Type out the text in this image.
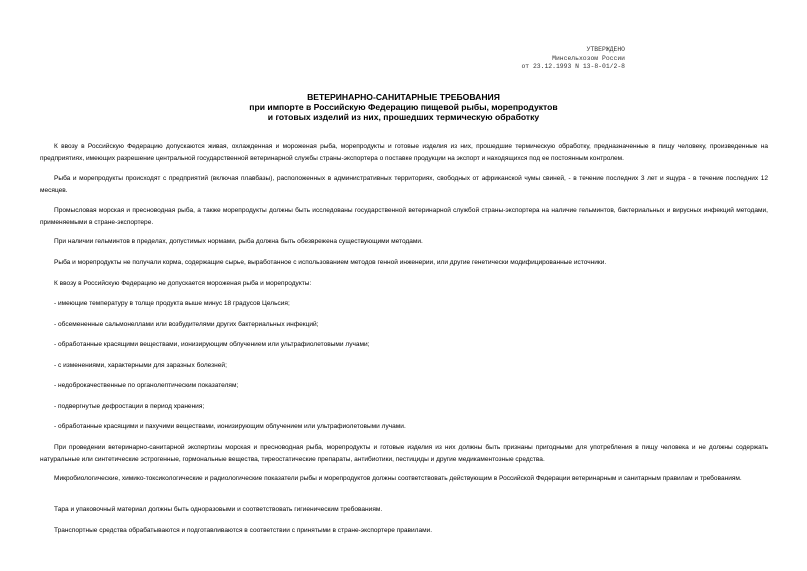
УТВЕРЖДЕНО
Минсельхозом России
от 23.12.1993 N 13-8-01/2-8
ВЕТЕРИНАРНО-САНИТАРНЫЕ ТРЕБОВАНИЯ
при импорте в Российскую Федерацию пищевой рыбы, морепродуктов
и готовых изделий из них, прошедших термическую обработку

К ввозу в Российскую Федерацию допускаются живая, охлажденная и мороженая рыба, морепродукты и готовые изделия из них, прошедшие термическую обработку, предназначенные в пищу человеку, произведенные на предприятиях, имеющих разрешение центральной государственной ветеринарной службы страны-экспортера о поставке продукции на экспорт и находящихся под ее постоянным контролем.

Рыба и морепродукты происходят с предприятий (включая плавбазы), расположенных в административных территориях, свободных от африканской чумы свиней, - в течение последних 3 лет и ящура - в течение последних 12 месяцев.

Промысловая морская и пресноводная рыба, а также морепродукты должны быть исследованы государственной ветеринарной службой страны-экспортера на наличие гельминтов, бактериальных и вирусных инфекций методами, применяемыми в стране-экспортере.

При наличии гельминтов в пределах, допустимых нормами, рыба должна быть обезврежена существующими методами.

Рыба и морепродукты не получали корма, содержащие сырье, выработанное с использованием методов генной инженерии, или другие генетически модифицированные источники.

К ввозу в Российскую Федерацию не допускается мороженая рыба и морепродукты:

- имеющие температуру в толще продукта выше минус 18 градусов Цельсия;

- обсемененные сальмонеллами или возбудителями других бактериальных инфекций;

- обработанные красящими веществами, ионизирующим облучением или ультрафиолетовыми лучами;

- с изменениями, характерными для заразных болезней;

- недоброкачественные по органолептическим показателям;

- подвергнутые дефростации в период хранения;

- обработанные красящими и пахучими веществами, ионизирующим облучением или ультрафиолетовыми лучами.

При проведении ветеринарно-санитарной экспертизы морская и пресноводная рыба, морепродукты и готовые изделия из них должны быть признаны пригодными для употребления в пищу человека и не должны содержать натуральные или синтетические эстрогенные, гормональные вещества, тиреостатические препараты, антибиотики, пестициды и другие медикаментозные средства.

Микробиологические, химико-токсикологические и радиологические показатели рыбы и морепродуктов должны соответствовать действующим в Российской Федерации ветеринарным и санитарным правилам и требованиям.

Тара и упаковочный материал должны быть одноразовыми и соответствовать гигиеническим требованиям.

Транспортные средства обрабатываются и подготавливаются в соответствии с принятыми в стране-экспортере правилами.
